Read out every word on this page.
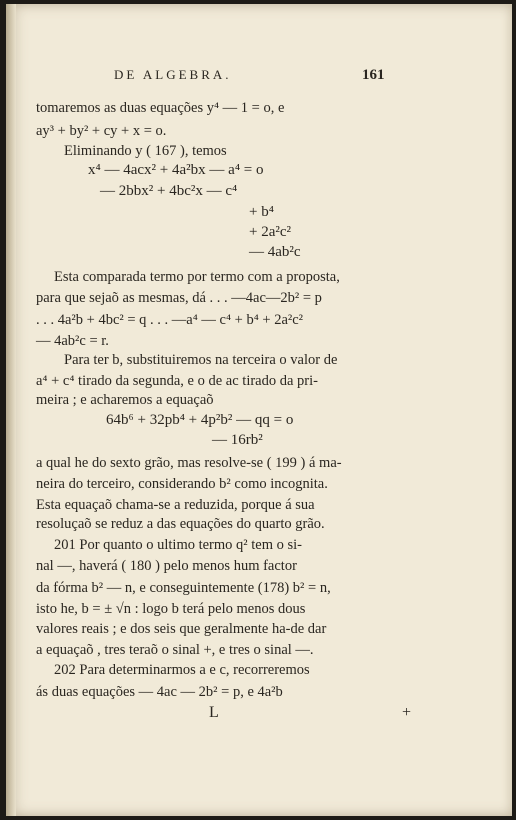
DE ALGEBRA.	161
tomaremos as duas equações y⁴ — 1 = o, e
ay³ + by² + cy + x = o.
Eliminando y ( 167 ), temos
x⁴ — 4acx² + 4a²bx — a⁴ = o
— 2bbx² + 4bc²x — c⁴
+ b⁴
+ 2a²c²
— 4ab²c
Esta comparada termo por termo com a proposta,
para que sejaõ as mesmas, dá . . . —4ac—2b² = p
. . . 4a²b + 4bc² = q . . . —a⁴ — c⁴ + b⁴ + 2a²c²
— 4ab²c = r.
Para ter b, substituiremos na terceira o valor de
a⁴ + c⁴ tirado da segunda, e o de ac tirado da pri-
meira ; e acharemos a equaçaõ
64b⁶ + 32pb⁴ + 4p²b² — qq = o
— 16rb²
a qual he do sexto grão, mas resolve-se ( 199 ) á ma-
neira do terceiro, considerando b² como incognita.
Esta equaçaõ chama-se a reduzida, porque á sua
resoluçaõ se reduz a das equações do quarto grão.
201 Por quanto o ultimo termo q² tem o si-
nal —, haverá ( 180 ) pelo menos hum factor
da fórma b² — n, e conseguintemente (178) b² = n,
isto he, b = ± √n : logo b terá pelo menos dous
valores reais ; e dos seis que geralmente ha-de dar
a equaçaõ , tres teraõ o sinal +, e tres o sinal —.
202 Para determinarmos a e c, recorreremos
ás duas equações — 4ac — 2b² = p, e 4a²b
L	+
